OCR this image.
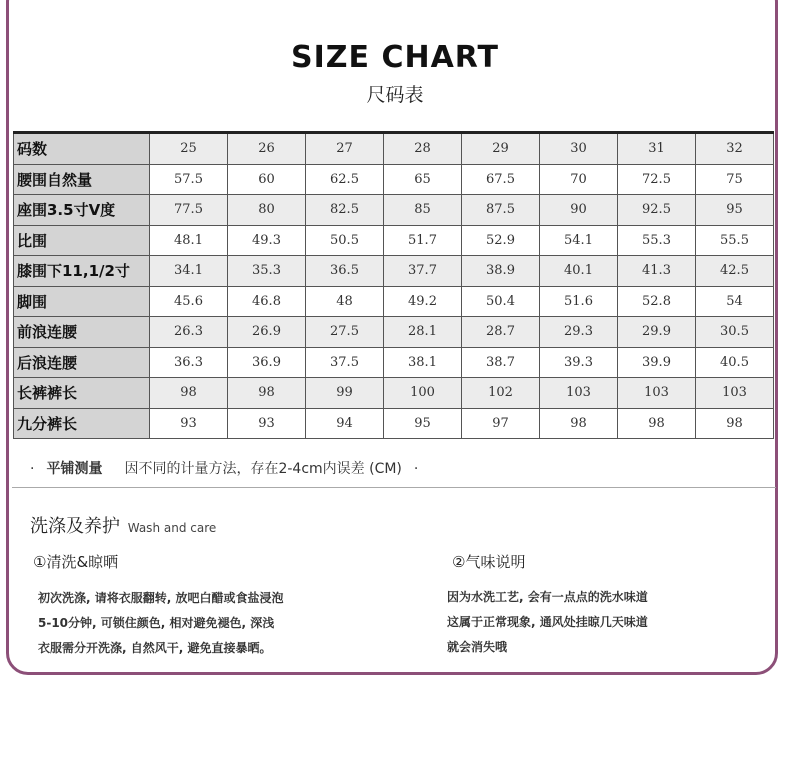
SIZE CHART
尺码表
码数	25	26	27	28	29	30	31	32
腰围自然量	57.5	60	62.5	65	67.5	70	72.5	75
座围3.5寸V度	77.5	80	82.5	85	87.5	90	92.5	95
比围	48.1	49.3	50.5	51.7	52.9	54.1	55.3	55.5
膝围下11,1/2寸	34.1	35.3	36.5	37.7	38.9	40.1	41.3	42.5
脚围	45.6	46.8	48	49.2	50.4	51.6	52.8	54
前浪连腰	26.3	26.9	27.5	28.1	28.7	29.3	29.9	30.5
后浪连腰	36.3	36.9	37.5	38.1	38.7	39.3	39.9	40.5
长裤裤长	98	98	99	100	102	103	103	103
九分裤长	93	93	94	95	97	98	98	98
· 平铺测量 因不同的计量方法，存在2-4cm内误差 (CM) ·
洗涤及养护 Wash and care
①清洗&晾晒
初次洗涤, 请将衣服翻转, 放吧白醋或食盐浸泡
5-10分钟, 可锁住颜色, 相对避免褪色, 深浅
衣服需分开洗涤, 自然风干, 避免直接暴晒。
②气味说明
因为水洗工艺, 会有一点点的洗水味道
这属于正常现象, 通风处挂晾几天味道
就会消失哦
